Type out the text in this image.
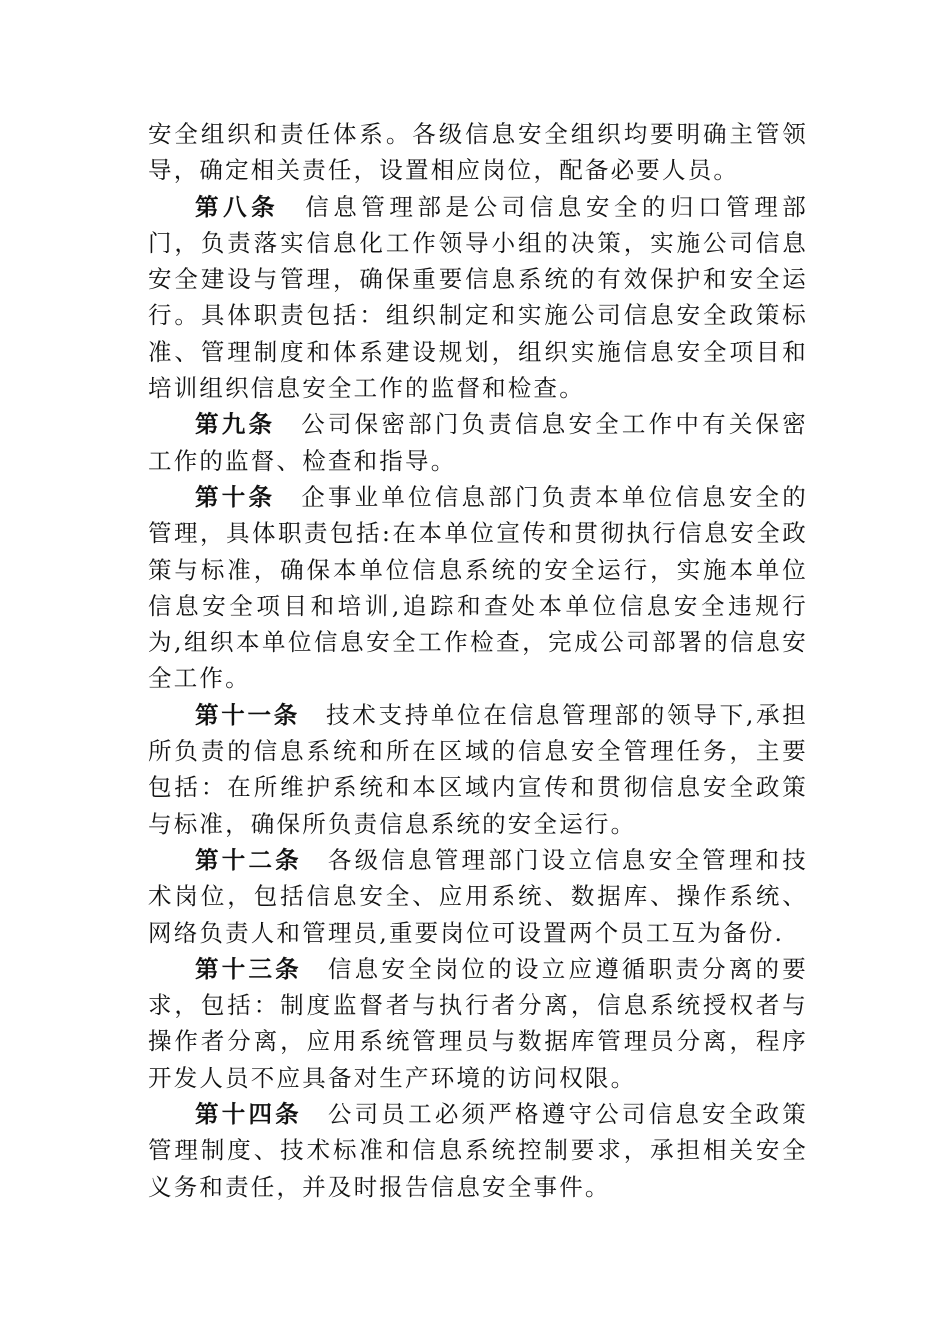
安全组织和责任体系。各级信息安全组织均要明确主管领导，确定相关责任，设置相应岗位，配备必要人员。

第八条 信息管理部是公司信息安全的归口管理部门，负责落实信息化工作领导小组的决策，实施公司信息安全建设与管理，确保重要信息系统的有效保护和安全运行。具体职责包括：组织制定和实施公司信息安全政策标准、管理制度和体系建设规划，组织实施信息安全项目和培训组织信息安全工作的监督和检查。

第九条 公司保密部门负责信息安全工作中有关保密工作的监督、检查和指导。

第十条 企事业单位信息部门负责本单位信息安全的管理，具体职责包括:在本单位宣传和贯彻执行信息安全政策与标准，确保本单位信息系统的安全运行，实施本单位信息安全项目和培训,追踪和查处本单位信息安全违规行为,组织本单位信息安全工作检查，完成公司部署的信息安全工作。

第十一条 技术支持单位在信息管理部的领导下,承担所负责的信息系统和所在区域的信息安全管理任务，主要包括：在所维护系统和本区域内宣传和贯彻信息安全政策与标准，确保所负责信息系统的安全运行。

第十二条 各级信息管理部门设立信息安全管理和技术岗位，包括信息安全、应用系统、数据库、操作系统、网络负责人和管理员,重要岗位可设置两个员工互为备份.

第十三条 信息安全岗位的设立应遵循职责分离的要求，包括：制度监督者与执行者分离，信息系统授权者与操作者分离，应用系统管理员与数据库管理员分离，程序开发人员不应具备对生产环境的访问权限。

第十四条 公司员工必须严格遵守公司信息安全政策管理制度、技术标准和信息系统控制要求，承担相关安全义务和责任，并及时报告信息安全事件。
